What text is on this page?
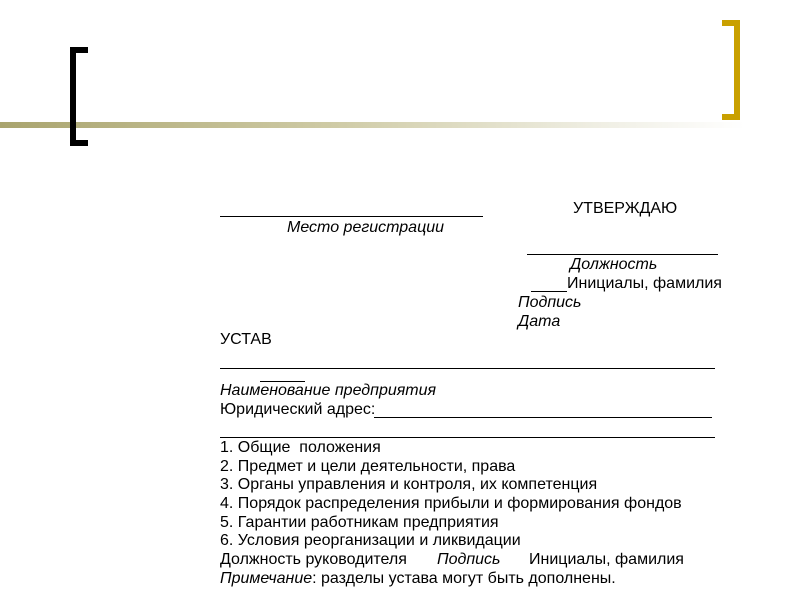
УТВЕРЖДАЮ
Место регистрации
Должность
Инициалы, фамилия
Подпись
Дата
УСТАВ
Наименование предприятия
Юридический адрес:
1. Общие  положения
2. Предмет и цели деятельности, права
3. Органы управления и контроля, их компетенция
4. Порядок распределения прибыли и формирования фондов
5. Гарантии работникам предприятия
6. Условия реорганизации и ликвидации
Должность руководителя Подпись Инициалы, фамилия
Примечание: разделы устава могут быть дополнены.
